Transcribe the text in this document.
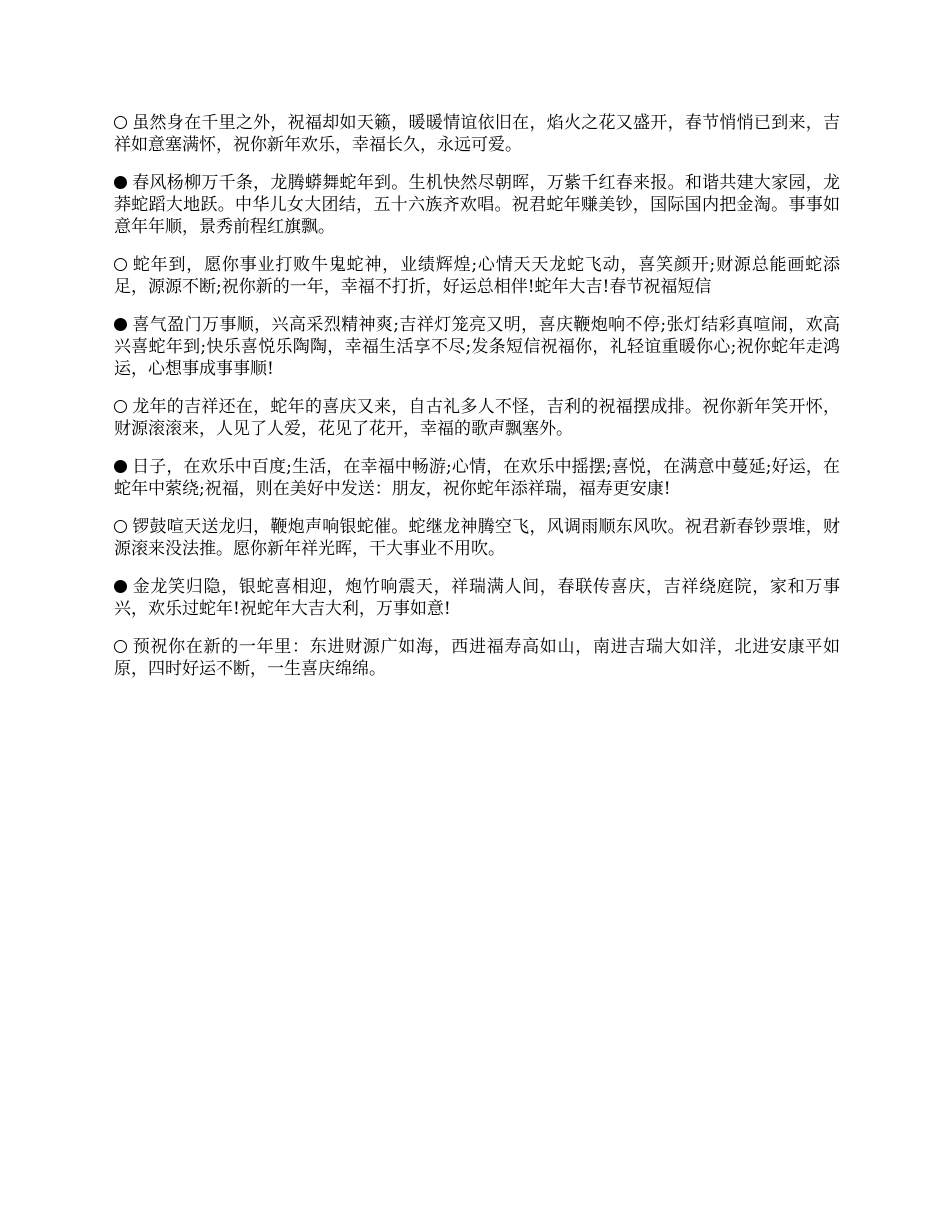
虽然身在千里之外，祝福却如天籁，暖暖情谊依旧在，焰火之花又盛开，春节悄悄已到来，吉祥如意塞满怀，祝你新年欢乐，幸福长久，永远可爱。

春风杨柳万千条，龙腾蟒舞蛇年到。生机快然尽朝晖，万紫千红春来报。和谐共建大家园，龙莽蛇蹈大地跃。中华儿女大团结，五十六族齐欢唱。祝君蛇年赚美钞，国际国内把金淘。事事如意年年顺，景秀前程红旗飘。

蛇年到，愿你事业打败牛鬼蛇神，业绩辉煌;心情天天龙蛇飞动，喜笑颜开;财源总能画蛇添足，源源不断;祝你新的一年，幸福不打折，好运总相伴!蛇年大吉!春节祝福短信

喜气盈门万事顺，兴高采烈精神爽;吉祥灯笼亮又明，喜庆鞭炮响不停;张灯结彩真喧闹，欢高兴喜蛇年到;快乐喜悦乐陶陶，幸福生活享不尽;发条短信祝福你，礼轻谊重暖你心;祝你蛇年走鸿运，心想事成事事顺!

龙年的吉祥还在，蛇年的喜庆又来，自古礼多人不怪，吉利的祝福摆成排。祝你新年笑开怀，财源滚滚来，人见了人爱，花见了花开，幸福的歌声飘塞外。

日子，在欢乐中百度;生活，在幸福中畅游;心情，在欢乐中摇摆;喜悦，在满意中蔓延;好运，在蛇年中萦绕;祝福，则在美好中发送：朋友，祝你蛇年添祥瑞，福寿更安康!

锣鼓喧天送龙归，鞭炮声响银蛇催。蛇继龙神腾空飞，风调雨顺东风吹。祝君新春钞票堆，财源滚来没法推。愿你新年祥光晖，干大事业不用吹。

金龙笑归隐，银蛇喜相迎，炮竹响震天，祥瑞满人间，春联传喜庆，吉祥绕庭院，家和万事兴，欢乐过蛇年!祝蛇年大吉大利，万事如意!

预祝你在新的一年里：东进财源广如海，西进福寿高如山，南进吉瑞大如洋，北进安康平如原，四时好运不断，一生喜庆绵绵。
